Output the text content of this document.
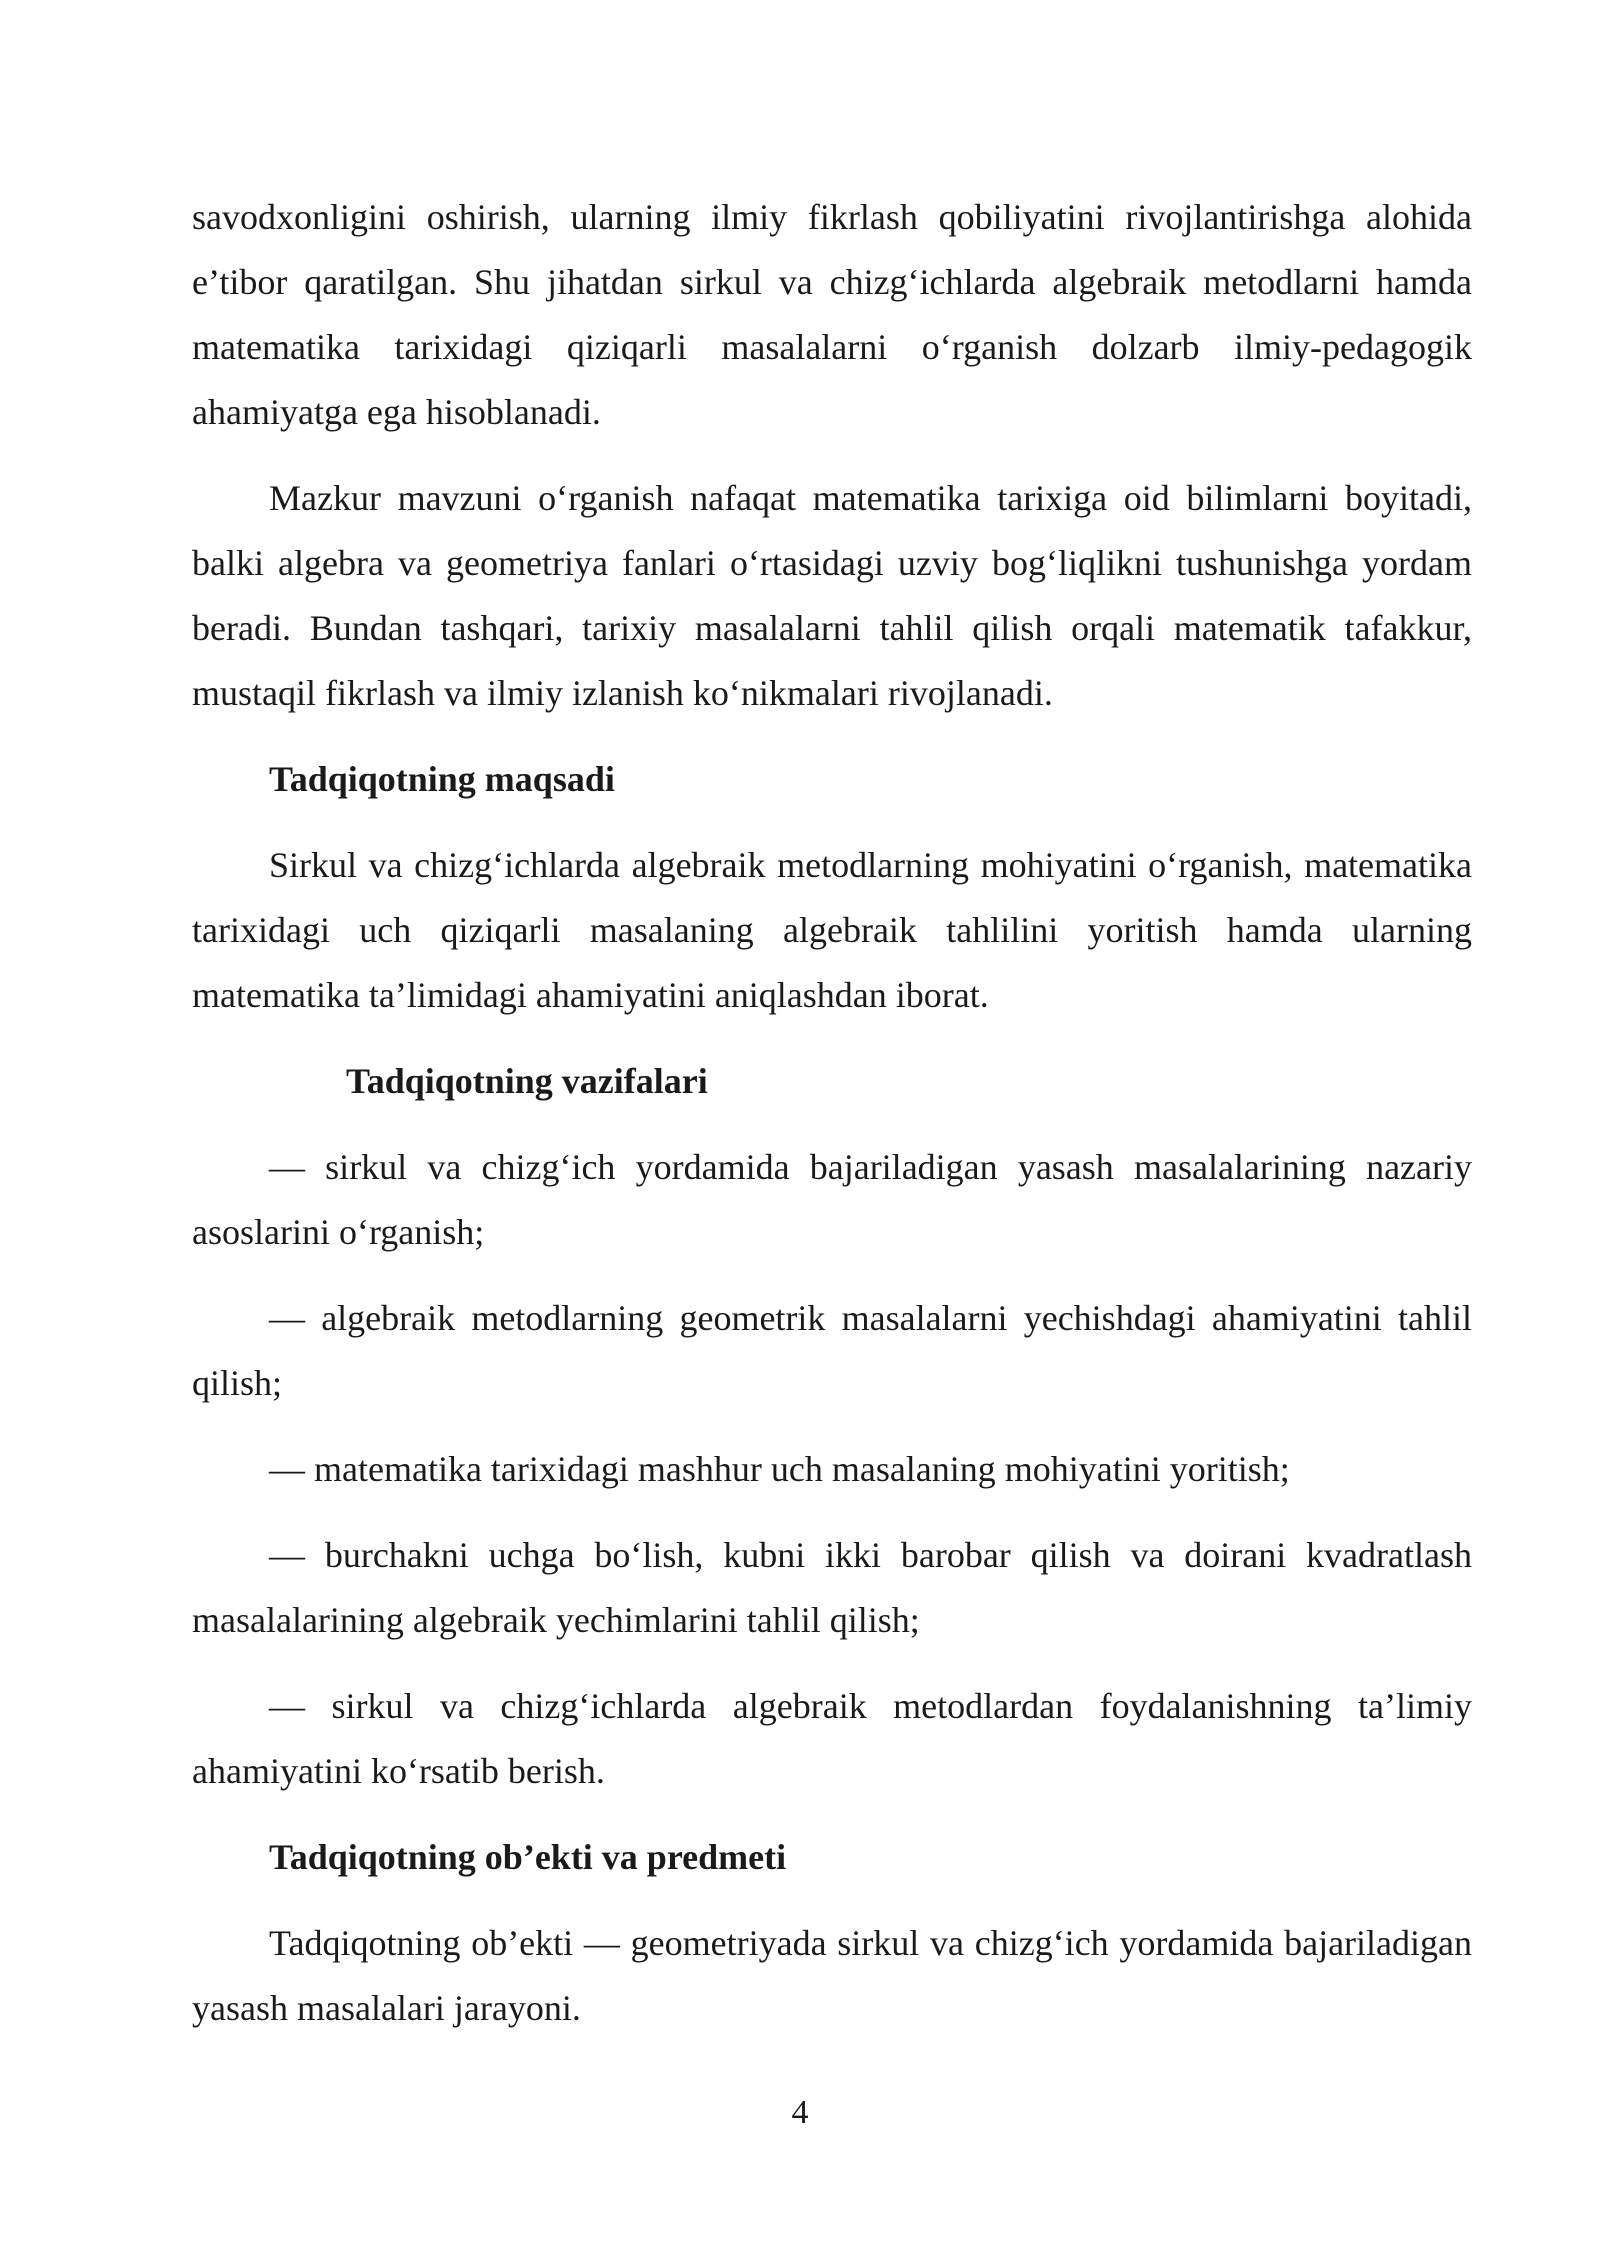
savodxonligini oshirish, ularning ilmiy fikrlash qobiliyatini rivojlantirishga alohida e’tibor qaratilgan. Shu jihatdan sirkul va chizg‘ichlarda algebraik metodlarni hamda matematika tarixidagi qiziqarli masalalarni o‘rganish dolzarb ilmiy-pedagogik ahamiyatga ega hisoblanadi.

Mazkur mavzuni o‘rganish nafaqat matematika tarixiga oid bilimlarni boyitadi, balki algebra va geometriya fanlari o‘rtasidagi uzviy bog‘liqlikni tushunishga yordam beradi. Bundan tashqari, tarixiy masalalarni tahlil qilish orqali matematik tafakkur, mustaqil fikrlash va ilmiy izlanish ko‘nikmalari rivojlanadi.

Tadqiqotning maqsadi

Sirkul va chizg‘ichlarda algebraik metodlarning mohiyatini o‘rganish, matematika tarixidagi uch qiziqarli masalaning algebraik tahlilini yoritish hamda ularning matematika ta’limidagi ahamiyatini aniqlashdan iborat.

Tadqiqotning vazifalari

— sirkul va chizg‘ich yordamida bajariladigan yasash masalalarining nazariy asoslarini o‘rganish;

— algebraik metodlarning geometrik masalalarni yechishdagi ahamiyatini tahlil qilish;

— matematika tarixidagi mashhur uch masalaning mohiyatini yoritish;

— burchakni uchga bo‘lish, kubni ikki barobar qilish va doirani kvadratlash masalalarining algebraik yechimlarini tahlil qilish;

— sirkul va chizg‘ichlarda algebraik metodlardan foydalanishning ta’limiy ahamiyatini ko‘rsatib berish.

Tadqiqotning ob’ekti va predmeti

Tadqiqotning ob’ekti — geometriyada sirkul va chizg‘ich yordamida bajariladigan yasash masalalari jarayoni.

4
